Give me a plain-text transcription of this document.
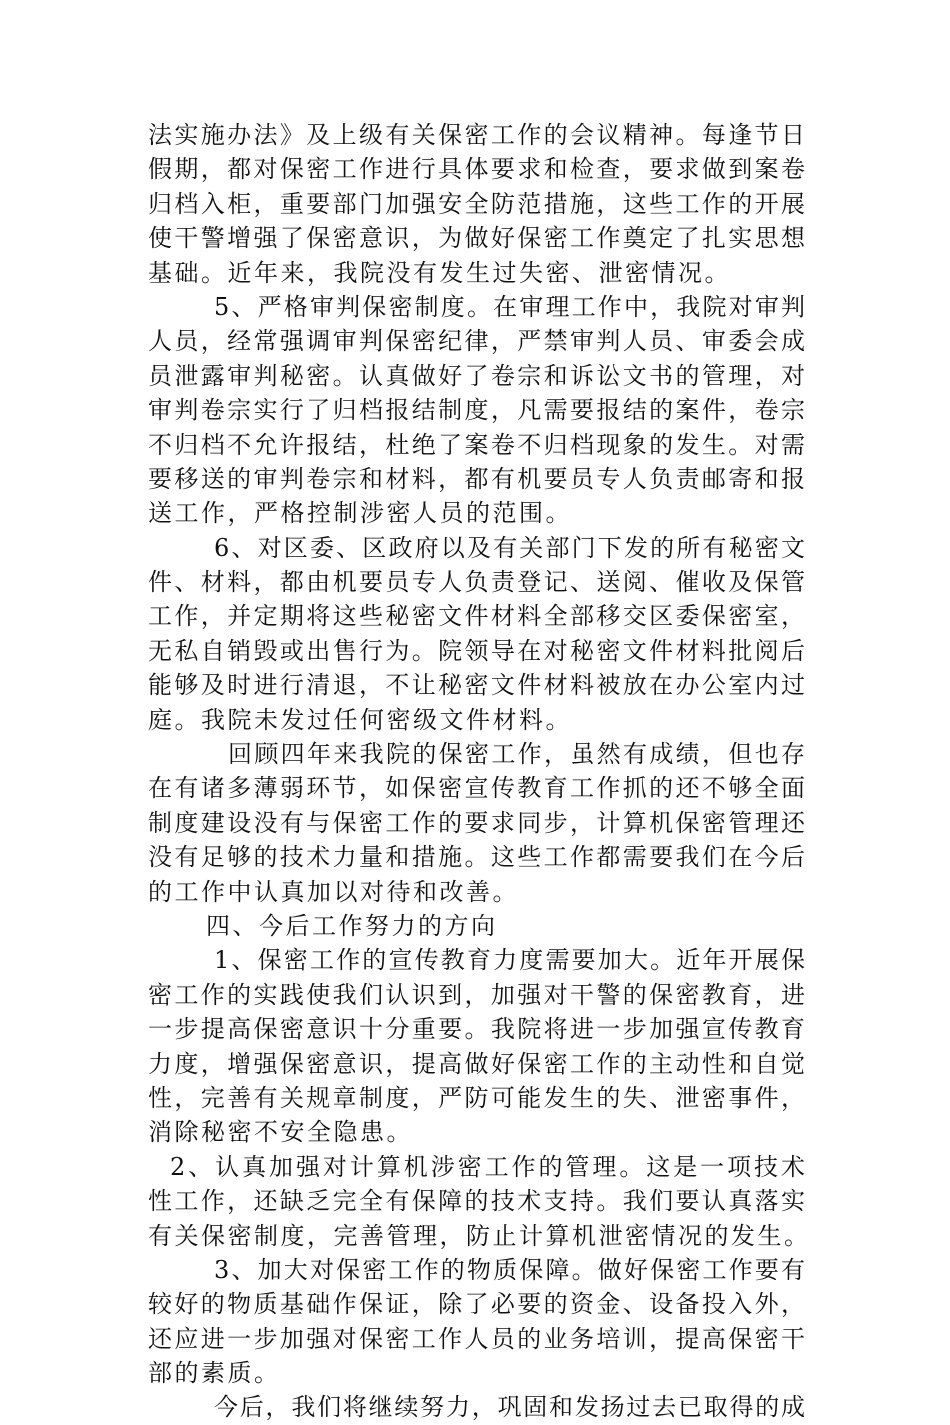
法实施办法》及上级有关保密工作的会议精神。每逢节日
假期，都对保密工作进行具体要求和检查，要求做到案卷
归档入柜，重要部门加强安全防范措施，这些工作的开展
使干警增强了保密意识，为做好保密工作奠定了扎实思想
基础。近年来，我院没有发生过失密、泄密情况。
5、严格审判保密制度。在审理工作中，我院对审判
人员，经常强调审判保密纪律，严禁审判人员、审委会成
员泄露审判秘密。认真做好了卷宗和诉讼文书的管理，对
审判卷宗实行了归档报结制度，凡需要报结的案件，卷宗
不归档不允许报结，杜绝了案卷不归档现象的发生。对需
要移送的审判卷宗和材料，都有机要员专人负责邮寄和报
送工作，严格控制涉密人员的范围。
6、对区委、区政府以及有关部门下发的所有秘密文
件、材料，都由机要员专人负责登记、送阅、催收及保管
工作，并定期将这些秘密文件材料全部移交区委保密室，
无私自销毁或出售行为。院领导在对秘密文件材料批阅后
能够及时进行清退，不让秘密文件材料被放在办公室内过
庭。我院未发过任何密级文件材料。
回顾四年来我院的保密工作，虽然有成绩，但也存
在有诸多薄弱环节，如保密宣传教育工作抓的还不够全面
制度建设没有与保密工作的要求同步，计算机保密管理还
没有足够的技术力量和措施。这些工作都需要我们在今后
的工作中认真加以对待和改善。
四、今后工作努力的方向
1、保密工作的宣传教育力度需要加大。近年开展保
密工作的实践使我们认识到，加强对干警的保密教育，进
一步提高保密意识十分重要。我院将进一步加强宣传教育
力度，增强保密意识，提高做好保密工作的主动性和自觉
性，完善有关规章制度，严防可能发生的失、泄密事件，
消除秘密不安全隐患。
2、认真加强对计算机涉密工作的管理。这是一项技术
性工作，还缺乏完全有保障的技术支持。我们要认真落实
有关保密制度，完善管理，防止计算机泄密情况的发生。
3、加大对保密工作的物质保障。做好保密工作要有
较好的物质基础作保证，除了必要的资金、设备投入外，
还应进一步加强对保密工作人员的业务培训，提高保密干
部的素质。
今后，我们将继续努力，巩固和发扬过去已取得的成
